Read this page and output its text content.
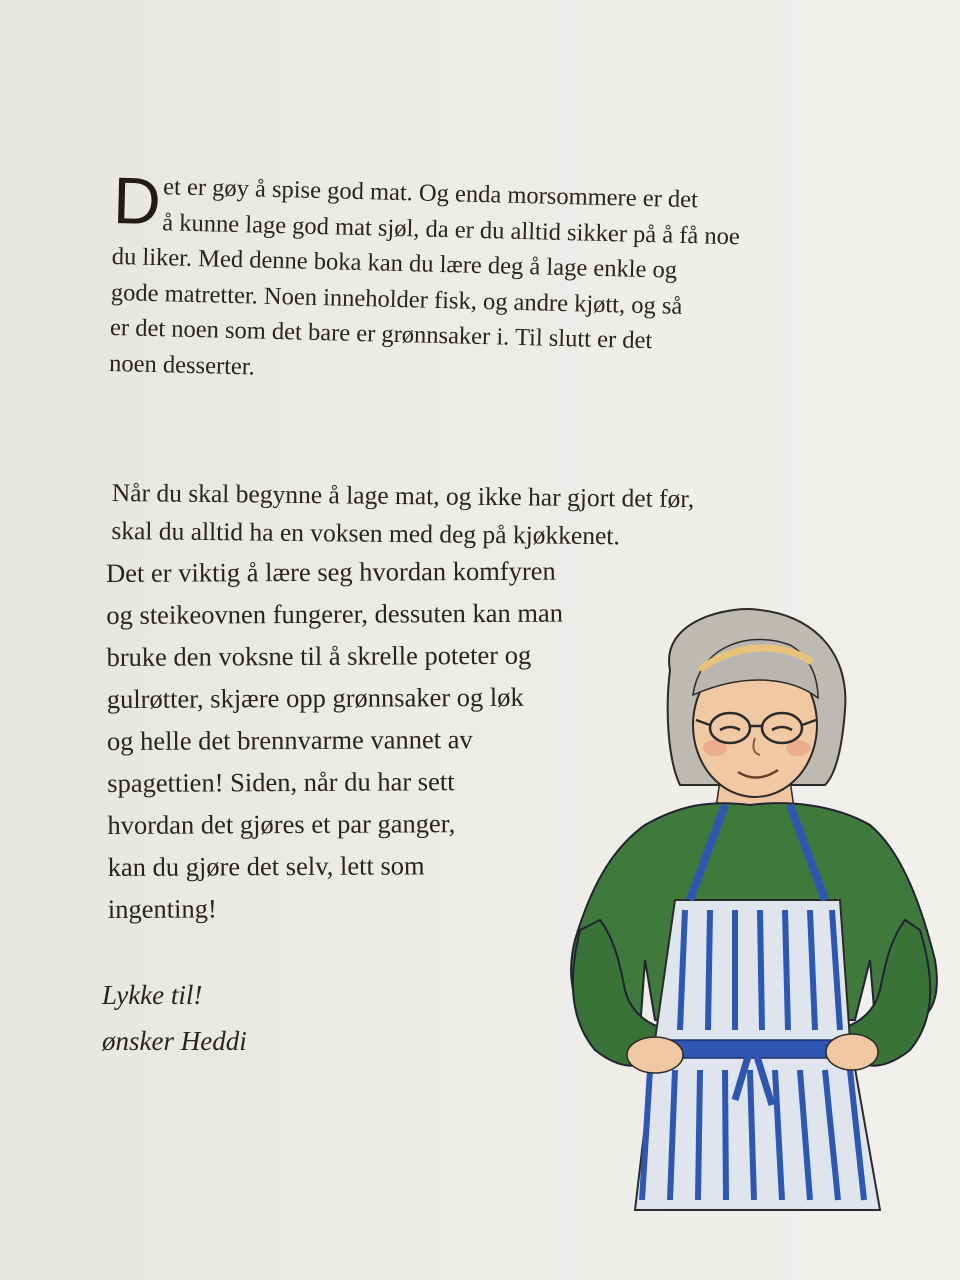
D et er gøy å spise god mat. Og enda morsommere er det
å kunne lage god mat sjøl, da er du alltid sikker på å få noe
du liker. Med denne boka kan du lære deg å lage enkle og
gode matretter. Noen inneholder fisk, og andre kjøtt, og så
er det noen som det bare er grønnsaker i. Til slutt er det
noen desserter.
Når du skal begynne å lage mat, og ikke har gjort det før,
skal du alltid ha en voksen med deg på kjøkkenet.
Det er viktig å lære seg hvordan komfyren
og steikeovnen fungerer, dessuten kan man
bruke den voksne til å skrelle poteter og
gulrøtter, skjære opp grønnsaker og løk
og helle det brennvarme vannet av
spagettien! Siden, når du har sett
hvordan det gjøres et par ganger,
kan du gjøre det selv, lett som
ingenting!
Lykke til!
ønsker Heddi
